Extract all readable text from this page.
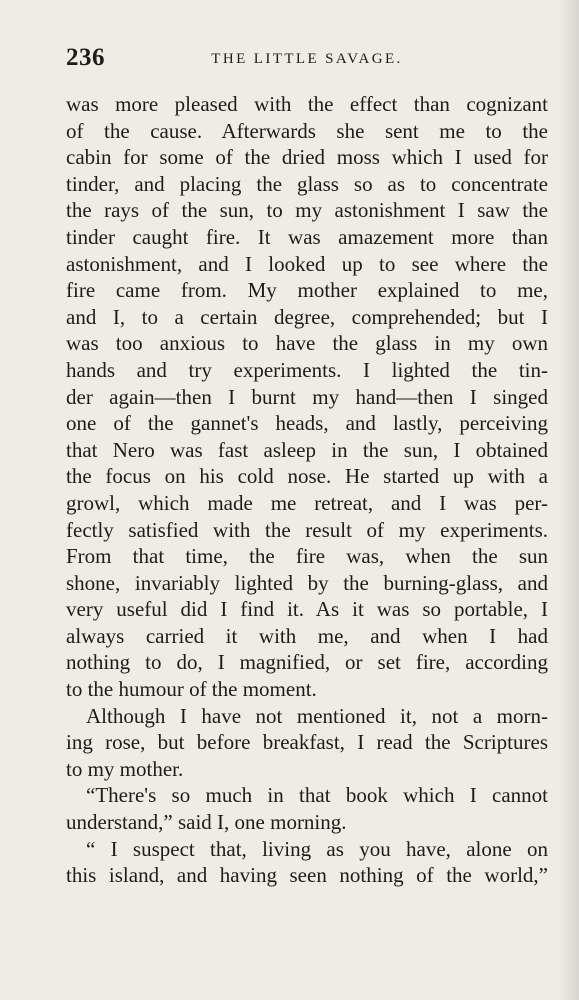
236	THE LITTLE SAVAGE.
was more pleased with the effect than cognizant
of the cause. Afterwards she sent me to the
cabin for some of the dried moss which I used for
tinder, and placing the glass so as to concentrate
the rays of the sun, to my astonishment I saw the
tinder caught fire. It was amazement more than
astonishment, and I looked up to see where the
fire came from. My mother explained to me,
and I, to a certain degree, comprehended; but I
was too anxious to have the glass in my own
hands and try experiments. I lighted the tin-
der again—then I burnt my hand—then I singed
one of the gannet's heads, and lastly, perceiving
that Nero was fast asleep in the sun, I obtained
the focus on his cold nose. He started up with a
growl, which made me retreat, and I was per-
fectly satisfied with the result of my experiments.
From that time, the fire was, when the sun
shone, invariably lighted by the burning-glass, and
very useful did I find it. As it was so portable, I
always carried it with me, and when I had
nothing to do, I magnified, or set fire, according
to the humour of the moment.
Although I have not mentioned it, not a morn-
ing rose, but before breakfast, I read the Scriptures
to my mother.
“There's so much in that book which I cannot
understand,” said I, one morning.
“ I suspect that, living as you have, alone on
this island, and having seen nothing of the world,”
